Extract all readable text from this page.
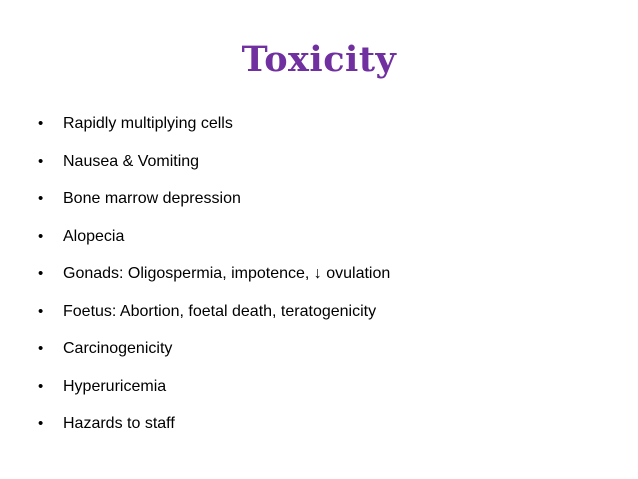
Toxicity
• Rapidly multiplying cells
• Nausea & Vomiting
• Bone marrow depression
• Alopecia
• Gonads: Oligospermia, impotence, ↓ ovulation
• Foetus: Abortion, foetal death, teratogenicity
• Carcinogenicity
• Hyperuricemia
• Hazards to staff
